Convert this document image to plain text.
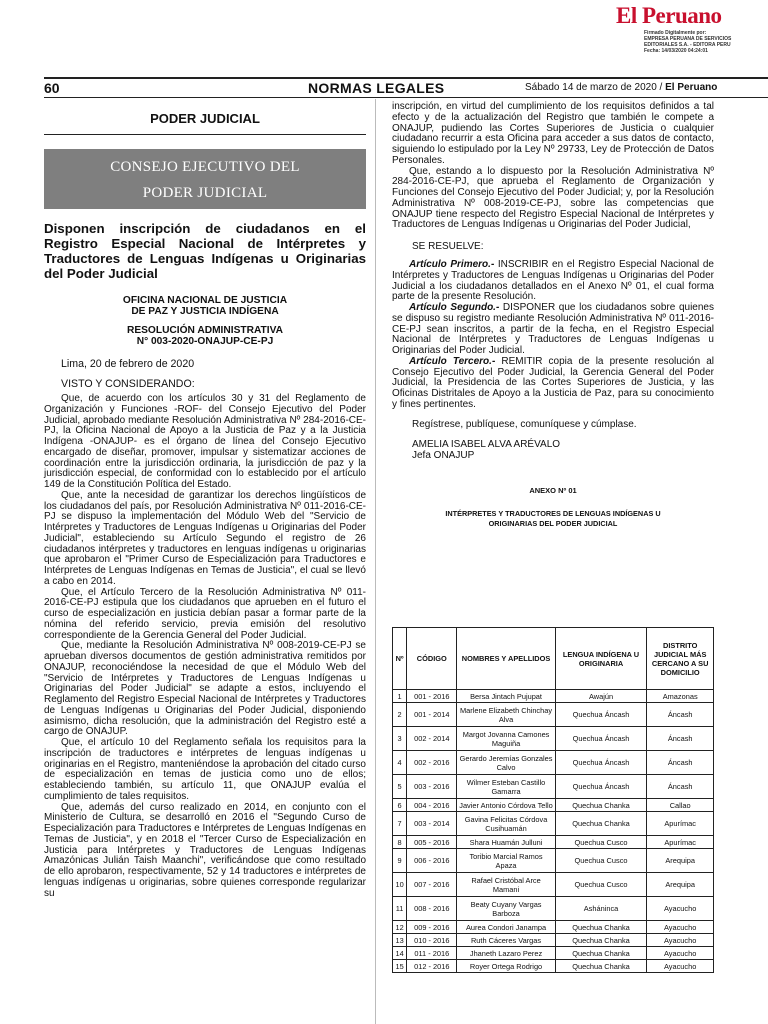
El Peruano
Firmado Digitalmente por:
EMPRESA PERUANA DE SERVICIOS
EDITORIALES S.A. - EDITORA PERU
Fecha: 14/03/2020 04:24:01
60	NORMAS LEGALES	Sábado 14 de marzo de 2020 / El Peruano
PODER JUDICIAL
CONSEJO EJECUTIVO DEL
PODER JUDICIAL
Disponen inscripción de ciudadanos en el Registro Especial Nacional de Intérpretes y Traductores de Lenguas Indígenas u Originarias del Poder Judicial
OFICINA NACIONAL DE JUSTICIA
DE PAZ Y JUSTICIA INDÍGENA
RESOLUCIÓN ADMINISTRATIVA
N° 003-2020-ONAJUP-CE-PJ
Lima, 20 de febrero de 2020
VISTO Y CONSIDERANDO:

Que, de acuerdo con los artículos 30 y 31 del Reglamento de Organización y Funciones -ROF- del Consejo Ejecutivo del Poder Judicial, aprobado mediante Resolución Administrativa Nº 284-2016-CE-PJ, la Oficina Nacional de Apoyo a la Justicia de Paz y a la Justicia Indígena -ONAJUP- es el órgano de línea del Consejo Ejecutivo encargado de diseñar, promover, impulsar y sistematizar acciones de coordinación entre la jurisdicción ordinaria, la jurisdicción de paz y la jurisdicción especial, de conformidad con lo establecido por el artículo 149 de la Constitución Política del Estado.

Que, ante la necesidad de garantizar los derechos lingüísticos de los ciudadanos del país, por Resolución Administrativa Nº 011-2016-CE-PJ se dispuso la implementación del Módulo Web del "Servicio de Intérpretes y Traductores de Lenguas Indígenas u Originarias del Poder Judicial", estableciendo su Artículo Segundo el registro de 26 ciudadanos intérpretes y traductores en lenguas indígenas u originarias que aprobaron el "Primer Curso de Especialización para Traductores e Intérpretes de Lenguas Indígenas en Temas de Justicia", el cual se llevó a cabo en 2014.

Que, el Artículo Tercero de la Resolución Administrativa Nº 011-2016-CE-PJ estipula que los ciudadanos que aprueben en el futuro el curso de especialización en justicia debían pasar a formar parte de la nómina del referido servicio, previa emisión del resolutivo correspondiente de la Gerencia General del Poder Judicial.

Que, mediante la Resolución Administrativa Nº 008-2019-CE-PJ se aprueban diversos documentos de gestión administrativa remitidos por ONAJUP, reconociéndose la necesidad de que el Módulo Web del "Servicio de Intérpretes y Traductores de Lenguas Indígenas u Originarias del Poder Judicial" se adapte a estos, incluyendo el Reglamento del Registro Especial Nacional de Intérpretes y Traductores de Lenguas Indígenas u Originarias del Poder Judicial, disponiendo asimismo, dicha resolución, que la administración del Registro esté a cargo de ONAJUP.

Que, el artículo 10 del Reglamento señala los requisitos para la inscripción de traductores e intérpretes de lenguas indígenas u originarias en el Registro, manteniéndose la aprobación del citado curso de especialización en temas de justicia como uno de ellos; estableciendo también, su artículo 11, que ONAJUP evalúa el cumplimiento de tales requisitos.

Que, además del curso realizado en 2014, en conjunto con el Ministerio de Cultura, se desarrolló en 2016 el "Segundo Curso de Especialización para Traductores e Intérpretes de Lenguas Indígenas en Temas de Justicia", y en 2018 el "Tercer Curso de Especialización en Justicia para Intérpretes y Traductores de Lenguas Indígenas Amazónicas Julián Taish Maanchi", verificándose que como resultado de ello aprobaron, respectivamente, 52 y 14 traductores e intérpretes de lenguas indígenas u originarias, sobre quienes corresponde regularizar su

inscripción, en virtud del cumplimiento de los requisitos definidos a tal efecto y de la actualización del Registro que también le compete a ONAJUP, pudiendo las Cortes Superiores de Justicia o cualquier ciudadano recurrir a esta Oficina para acceder a sus datos de contacto, siguiendo lo estipulado por la Ley Nº 29733, Ley de Protección de Datos Personales.

Que, estando a lo dispuesto por la Resolución Administrativa Nº 284-2016-CE-PJ, que aprueba el Reglamento de Organización y Funciones del Consejo Ejecutivo del Poder Judicial; y, por la Resolución Administrativa Nº 008-2019-CE-PJ, sobre las competencias que ONAJUP tiene respecto del Registro Especial Nacional de Intérpretes y Traductores de Lenguas Indígenas u Originarias del Poder Judicial,

SE RESUELVE:

Artículo Primero.- INSCRIBIR en el Registro Especial Nacional de Intérpretes y Traductores de Lenguas Indígenas u Originarias del Poder Judicial a los ciudadanos detallados en el Anexo Nº 01, el cual forma parte de la presente Resolución.

Artículo Segundo.- DISPONER que los ciudadanos sobre quienes se dispuso su registro mediante Resolución Administrativa Nº 011-2016-CE-PJ sean inscritos, a partir de la fecha, en el Registro Especial Nacional de Intérpretes y Traductores de Lenguas Indígenas u Originarias del Poder Judicial.

Artículo Tercero.- REMITIR copia de la presente resolución al Consejo Ejecutivo del Poder Judicial, la Gerencia General del Poder Judicial, la Presidencia de las Cortes Superiores de Justicia, y las Oficinas Distritales de Apoyo a la Justicia de Paz, para su conocimiento y fines pertinentes.

Regístrese, publíquese, comuníquese y cúmplase.
AMELIA ISABEL ALVA ARÉVALO
Jefa ONAJUP
ANEXO Nº 01
INTÉRPRETES Y TRADUCTORES DE LENGUAS INDÍGENAS U
ORIGINARIAS DEL PODER JUDICIAL
Nº	CÓDIGO	NOMBRES Y APELLIDOS	LENGUA INDÍGENA U ORIGINARIA	DISTRITO JUDICIAL MÁS CERCANO A SU DOMICILIO
1	001 - 2016	Bersa Jintach Pujupat	Awajún	Amazonas
2	001 - 2014	Marlene Elizabeth Chinchay Alva	Quechua Áncash	Áncash
3	002 - 2014	Margot Jovanna Camones Maguiña	Quechua Áncash	Áncash
4	002 - 2016	Gerardo Jeremías Gonzales Calvo	Quechua Áncash	Áncash
5	003 - 2016	Wilmer Esteban Castillo Gamarra	Quechua Áncash	Áncash
6	004 - 2016	Javier Antonio Córdova Tello	Quechua Chanka	Callao
7	003 - 2014	Gavina Felicitas Córdova Cusihuamán	Quechua Chanka	Apurímac
8	005 - 2016	Shara Huamán Julluni	Quechua Cusco	Apurímac
9	006 - 2016	Toribio Marcial Ramos Apaza	Quechua Cusco	Arequipa
10	007 - 2016	Rafael Cristóbal Arce Mamani	Quechua Cusco	Arequipa
11	008 - 2016	Beaty Cuyany Vargas Barboza	Asháninca	Ayacucho
12	009 - 2016	Aurea Condori Janampa	Quechua Chanka	Ayacucho
13	010 - 2016	Ruth Cáceres Vargas	Quechua Chanka	Ayacucho
14	011 - 2016	Jhaneth Lazaro Perez	Quechua Chanka	Ayacucho
15	012 - 2016	Royer Ortega Rodrigo	Quechua Chanka	Ayacucho
